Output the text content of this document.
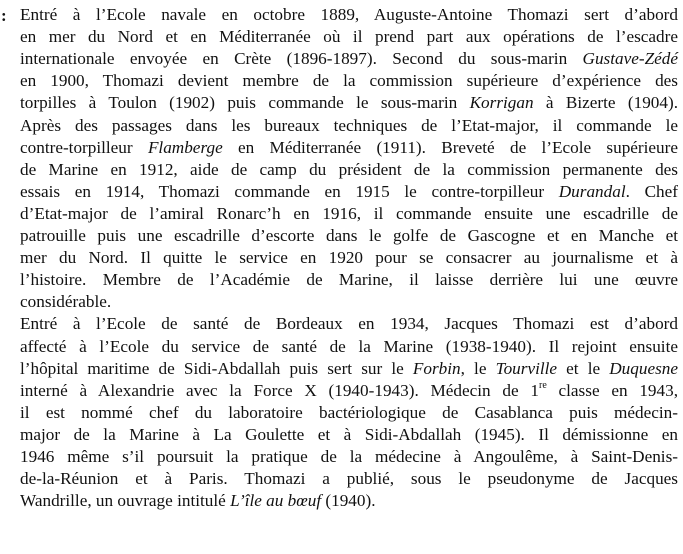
: Entré à l’Ecole navale en octobre 1889, Auguste-Antoine Thomazi sert d’abord
en mer du Nord et en Méditerranée où il prend part aux opérations de l’escadre
internationale envoyée en Crète (1896-1897). Second du sous-marin Gustave-Zédé
en 1900, Thomazi devient membre de la commission supérieure d’expérience des
torpilles à Toulon (1902) puis commande le sous-marin Korrigan à Bizerte (1904).
Après des passages dans les bureaux techniques de l’Etat-major, il commande le
contre-torpilleur Flamberge en Méditerranée (1911). Breveté de l’Ecole supérieure
de Marine en 1912, aide de camp du président de la commission permanente des
essais en 1914, Thomazi commande en 1915 le contre-torpilleur Durandal. Chef
d’Etat-major de l’amiral Ronarc’h en 1916, il commande ensuite une escadrille de
patrouille puis une escadrille d’escorte dans le golfe de Gascogne et en Manche et
mer du Nord. Il quitte le service en 1920 pour se consacrer au journalisme et à
l’histoire. Membre de l’Académie de Marine, il laisse derrière lui une œuvre
considérable.
Entré à l’Ecole de santé de Bordeaux en 1934, Jacques Thomazi est d’abord
affecté à l’Ecole du service de santé de la Marine (1938-1940). Il rejoint ensuite
l’hôpital maritime de Sidi-Abdallah puis sert sur le Forbin, le Tourville et le Duquesne
interné à Alexandrie avec la Force X (1940-1943). Médecin de 1re classe en 1943,
il est nommé chef du laboratoire bactériologique de Casablanca puis médecin-
major de la Marine à La Goulette et à Sidi-Abdallah (1945). Il démissionne en
1946 même s’il poursuit la pratique de la médecine à Angoulême, à Saint-Denis-
de-la-Réunion et à Paris. Thomazi a publié, sous le pseudonyme de Jacques
Wandrille, un ouvrage intitulé L’île au bœuf (1940).
